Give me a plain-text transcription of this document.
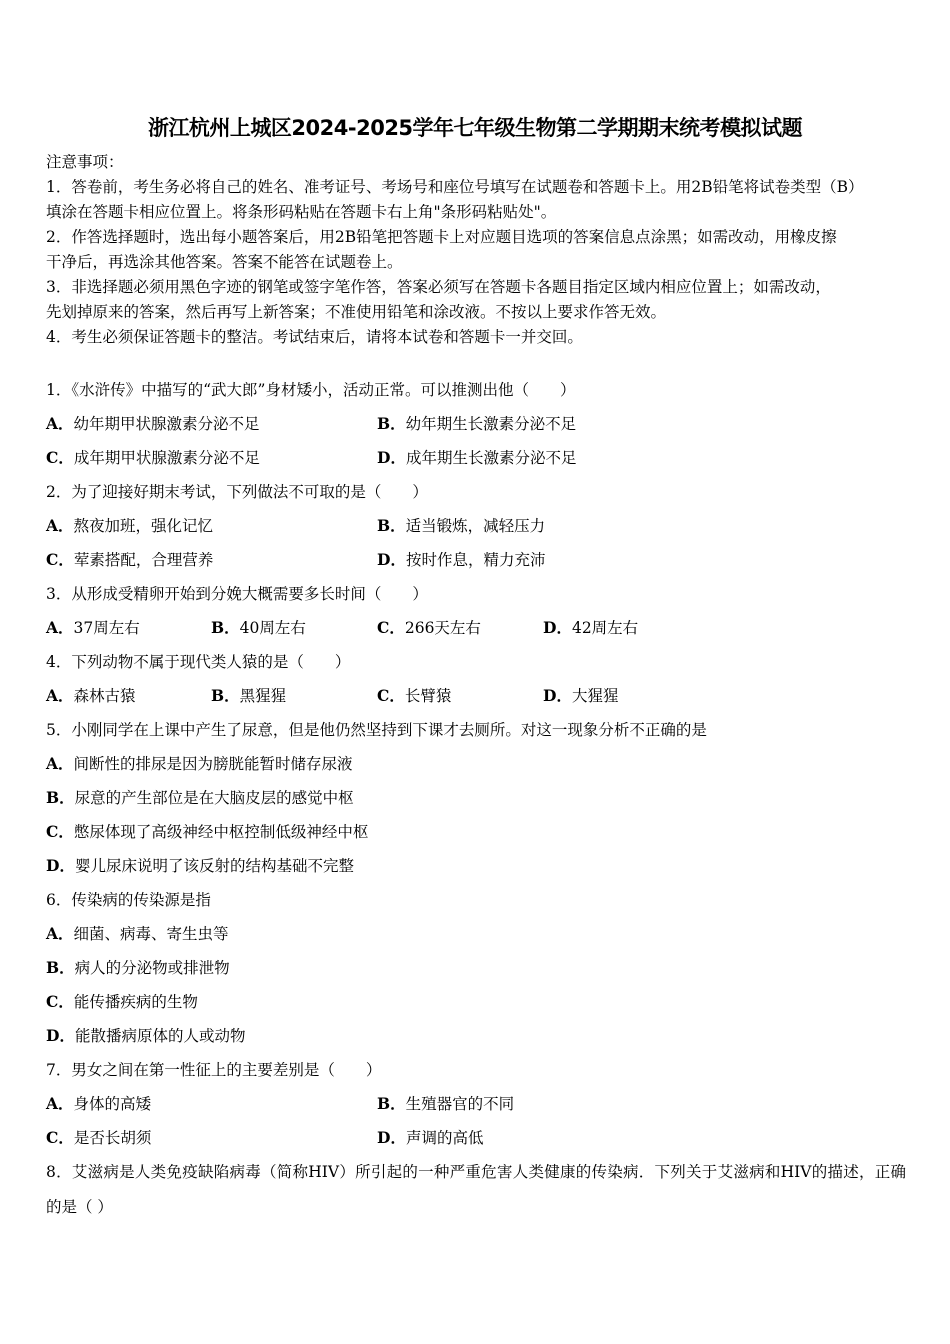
浙江杭州上城区2024-2025学年七年级生物第二学期期末统考模拟试题
注意事项：
1．答卷前，考生务必将自己的姓名、准考证号、考场号和座位号填写在试题卷和答题卡上。用2B铅笔将试卷类型（B）
填涂在答题卡相应位置上。将条形码粘贴在答题卡右上角"条形码粘贴处"。
2．作答选择题时，选出每小题答案后，用2B铅笔把答题卡上对应题目选项的答案信息点涂黑；如需改动，用橡皮擦
干净后，再选涂其他答案。答案不能答在试题卷上。
3．非选择题必须用黑色字迹的钢笔或签字笔作答，答案必须写在答题卡各题目指定区域内相应位置上；如需改动，
先划掉原来的答案，然后再写上新答案；不准使用铅笔和涂改液。不按以上要求作答无效。
4．考生必须保证答题卡的整洁。考试结束后，请将本试卷和答题卡一并交回。
1．《水浒传》中描写的“武大郎”身材矮小，活动正常。可以推测出他（　　）
A．幼年期甲状腺激素分泌不足	B．幼年期生长激素分泌不足
C．成年期甲状腺激素分泌不足	D．成年期生长激素分泌不足
2．为了迎接好期末考试，下列做法不可取的是（　　）
A．熬夜加班，强化记忆	B．适当锻炼，减轻压力
C．荤素搭配，合理营养	D．按时作息，精力充沛
3．从形成受精卵开始到分娩大概需要多长时间（　　）
A．37周左右	B．40周左右	C．266天左右	D．42周左右
4．下列动物不属于现代类人猿的是（　　）
A．森林古猿	B．黑猩猩	C．长臂猿	D．大猩猩
5．小刚同学在上课中产生了尿意，但是他仍然坚持到下课才去厕所。对这一现象分析不正确的是
A．间断性的排尿是因为膀胱能暂时储存尿液
B．尿意的产生部位是在大脑皮层的感觉中枢
C．憋尿体现了高级神经中枢控制低级神经中枢
D．婴儿尿床说明了该反射的结构基础不完整
6．传染病的传染源是指
A．细菌、病毒、寄生虫等
B．病人的分泌物或排泄物
C．能传播疾病的生物
D．能散播病原体的人或动物
7．男女之间在第一性征上的主要差别是（　　）
A．身体的高矮	B．生殖器官的不同
C．是否长胡须	D．声调的高低
8．艾滋病是人类免疫缺陷病毒（简称HIV）所引起的一种严重危害人类健康的传染病．下列关于艾滋病和HIV的描述，正确的是（ ）
